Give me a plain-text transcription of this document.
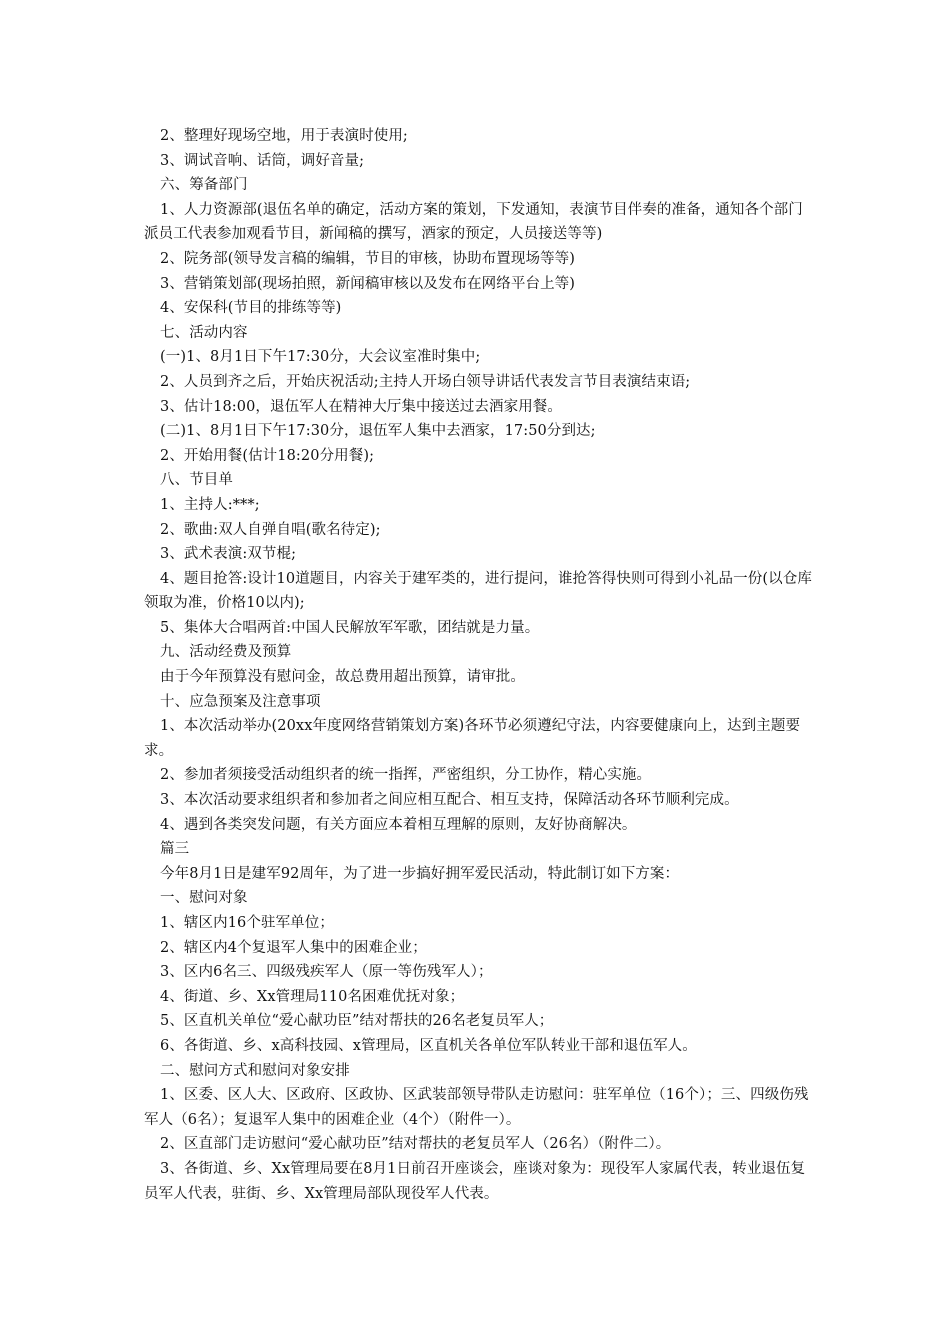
2、整理好现场空地，用于表演时使用;

3、调试音响、话筒，调好音量;

六、筹备部门

1、人力资源部(退伍名单的确定，活动方案的策划，下发通知，表演节目伴奏的准备，通知各个部门派员工代表参加观看节目，新闻稿的撰写，酒家的预定，人员接送等等)

2、院务部(领导发言稿的编辑，节目的审核，协助布置现场等等)

3、营销策划部(现场拍照，新闻稿审核以及发布在网络平台上等)

4、安保科(节目的排练等等)

七、活动内容

(一)1、8月1日下午17:30分，大会议室准时集中;

2、人员到齐之后，开始庆祝活动;主持人开场白领导讲话代表发言节目表演结束语;

3、估计18:00，退伍军人在精神大厅集中接送过去酒家用餐。

(二)1、8月1日下午17:30分，退伍军人集中去酒家，17:50分到达;

2、开始用餐(估计18:20分用餐);

八、节目单

1、主持人:***;

2、歌曲:双人自弹自唱(歌名待定);

3、武术表演:双节棍;

4、题目抢答:设计10道题目，内容关于建军类的，进行提问，谁抢答得快则可得到小礼品一份(以仓库领取为准，价格10以内);

5、集体大合唱两首:中国人民解放军军歌，团结就是力量。

九、活动经费及预算

由于今年预算没有慰问金，故总费用超出预算，请审批。

十、应急预案及注意事项

1、本次活动举办(20xx年度网络营销策划方案)各环节必须遵纪守法，内容要健康向上，达到主题要求。

2、参加者须接受活动组织者的统一指挥，严密组织，分工协作，精心实施。

3、本次活动要求组织者和参加者之间应相互配合、相互支持，保障活动各环节顺利完成。

4、遇到各类突发问题，有关方面应本着相互理解的原则，友好协商解决。

篇三

今年8月1日是建军92周年，为了进一步搞好拥军爱民活动，特此制订如下方案：

一、慰问对象

1、辖区内16个驻军单位；

2、辖区内4个复退军人集中的困难企业；

3、区内6名三、四级残疾军人（原一等伤残军人）；

4、街道、乡、Xx管理局110名困难优抚对象；

5、区直机关单位“爱心献功臣”结对帮扶的26名老复员军人；

6、各街道、乡、x高科技园、x管理局，区直机关各单位军队转业干部和退伍军人。

二、慰问方式和慰问对象安排

1、区委、区人大、区政府、区政协、区武装部领导带队走访慰问：驻军单位（16个）；三、四级伤残军人（6名）；复退军人集中的困难企业（4个）（附件一）。

2、区直部门走访慰问“爱心献功臣”结对帮扶的老复员军人（26名）（附件二）。

3、各街道、乡、Xx管理局要在8月1日前召开座谈会，座谈对象为：现役军人家属代表，转业退伍复员军人代表，驻街、乡、Xx管理局部队现役军人代表。
